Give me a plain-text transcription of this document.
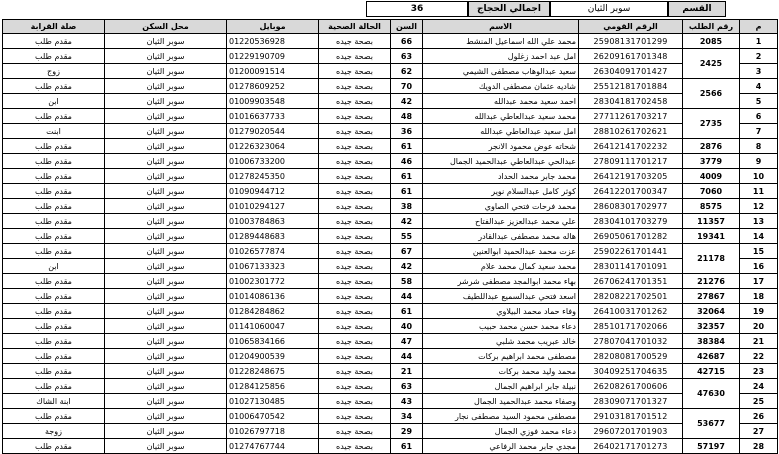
القسم
سوبر الثيان
اجمالي الحجاج
36
م	رقم الطلب	الرقم القومي	الاسم	السن	الحالة الصحية	موبايل	محل السكن	صلة القرابة
1	2085	25908131701299	محمد علي الله اسماعيل المنشط	66	بصحة جيده	01220536928	سوبر الثيان	مقدم طلب
2	2425	26209161701348	امل عبد احمد زغلول	63	بصحة جيده	01229190709	سوبر الثيان	مقدم طلب
3		26304091701427	سعيد عبدالوهاب مصطفى الشيمي	62	بصحة جيده	01200091514	سوبر الثيان	زوج
4	2566	25512181701884	شاديه عثمان مصطفى الدويك	70	بصحة جيده	01278609252	سوبر الثيان	مقدم طلب
5		28304181702458	احمد سعيد محمد عبدالله	42	بصحة جيده	01009903548	سوبر الثيان	ابن
6	2735	27711261703217	محمد سعيد عبدالعاطي عبدالله	48	بصحة جيده	01016637733	سوبر الثيان	مقدم طلب
7		28810261702621	امل سعيد عبدالعاطي عبدالله	36	بصحة جيده	01279020544	سوبر الثيان	ابنت
8	2876	26412141702232	شحاته عوض محمود الانجر	61	بصحة جيده	01226323064	سوبر الثيان	مقدم طلب
9	3779	27809111701217	عبدالحي عبدالعاطي عبدالحميد الجمال	46	بصحة جيده	01006733200	سوبر الثيان	مقدم طلب
10	4009	26412191703205	محمد جابر محمد الحداد	61	بصحة جيده	01278245350	سوبر الثيان	مقدم طلب
11	7060	26412201700347	كوثر كامل عبدالسلام نوير	61	بصحة جيده	01090944712	سوبر الثيان	مقدم طلب
12	8575	28608301702977	محمد فرحات فتحي الصاوي	38	بصحة جيده	01010294127	سوبر الثيان	مقدم طلب
13	11357	28304101703279	علي محمد عبدالعزيز عبدالفتاح	42	بصحة جيده	01003784863	سوبر الثيان	مقدم طلب
14	19341	26905061701282	هاله محمد مصطفى عبدالقادر	55	بصحة جيده	01289448683	سوبر الثيان	مقدم طلب
15	21178	25902261701441	عزت محمد عبدالحميد ابوالعنين	67	بصحة جيده	01026577874	سوبر الثيان	مقدم طلب
16		28301141701091	محمد سعيد كمال محمد علام	42	بصحة جيده	01067133323	سوبر الثيان	ابن
17	21276	26706241701351	بهاء محمد ابوالمجد مصطفى شرشر	58	بصحة جيده	01002301772	سوبر الثيان	مقدم طلب
18	27867	28208221702501	اسعد فتحي عبدالسميع عبداللطيف	44	بصحة جيده	01014086136	سوبر الثيان	مقدم طلب
19	32064	26410031701262	وفاء حماد محمد البيلاوي	61	بصحة جيده	01284284862	سوبر الثيان	مقدم طلب
20	32357	28510171702066	دعاء محمد حسن محمد حبيب	40	بصحة جيده	01141060047	سوبر الثيان	مقدم طلب
21	38384	27807041701032	خالد عبريب محمد شلبي	47	بصحة جيده	01065834166	سوبر الثيان	مقدم طلب
22	42687	28208081700529	مصطفى محمد ابراهيم بركات	44	بصحة جيده	01204900539	سوبر الثيان	مقدم طلب
23	42715	30409251704635	محمد وليد محمد بركات	21	بصحة جيده	01228248675	سوبر الثيان	مقدم طلب
24	47630	26208261700606	نبيلة جابر ابراهيم الجمال	63	بصحة جيده	01284125856	سوبر الثيان	مقدم طلب
25		28309071701327	وصفاء محمد عبدالحميد الجمال	43	بصحة جيده	01027130485	سوبر الثيان	ابنة الشاك
26	53677	29103181701512	مصطفى محمود السيد مصطفى نجار	34	بصحة جيده	01006470542	سوبر الثيان	مقدم طلب
27		29607201701903	دعاء محمد فوزي الجمال	29	بصحة جيده	01026797718	سوبر الثيان	زوجة
28	57197	26402171701273	مجدي جابر محمد الرفاعي	61	بصحة جيده	01274767744	سوبر الثيان	مقدم طلب
